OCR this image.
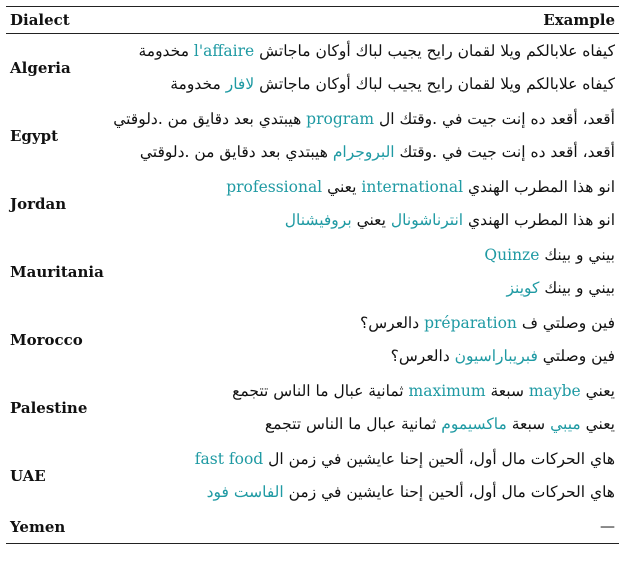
Dialect	Example
Algeria	كيفاه علابالكم ويلا لقمان رايح يجيب لباك أوكان ماجاتش l'affaire مخدومة
كيفاه علابالكم ويلا لقمان رايح يجيب لباك أوكان ماجاتش لافار مخدومة

Egypt	أقعد، أقعد ده إنت جيت في .وقتك ال program هيبتدي بعد دقايق من .دلوقتي
أقعد، أقعد ده إنت جيت في .وقتك البروجرام هيبتدي بعد دقايق من .دلوقتي

Jordan	انو هذا المطرب الهندي international يعني professional
انو هذا المطرب الهندي انترناشونال يعني بروفيشنال

Mauritania	بيني و بينك Quinze
بيني و بينك كوينز

Morocco	فين وصلتي ف préparation دالعرس؟
فين وصلتي فبريباراسيون دالعرس؟

Palestine	يعني maybe سبعة maximum ثمانية عبال ما الناس تتجمع
يعني ميبي سبعة ماكسيموم ثمانية عبال ما الناس تتجمع

UAE	هاي الحركات مال أول، ألحين إحنا عايشين في زمن ال fast food
هاي الحركات مال أول، ألحين إحنا عايشين في زمن الفاست فود

Yemen	—
